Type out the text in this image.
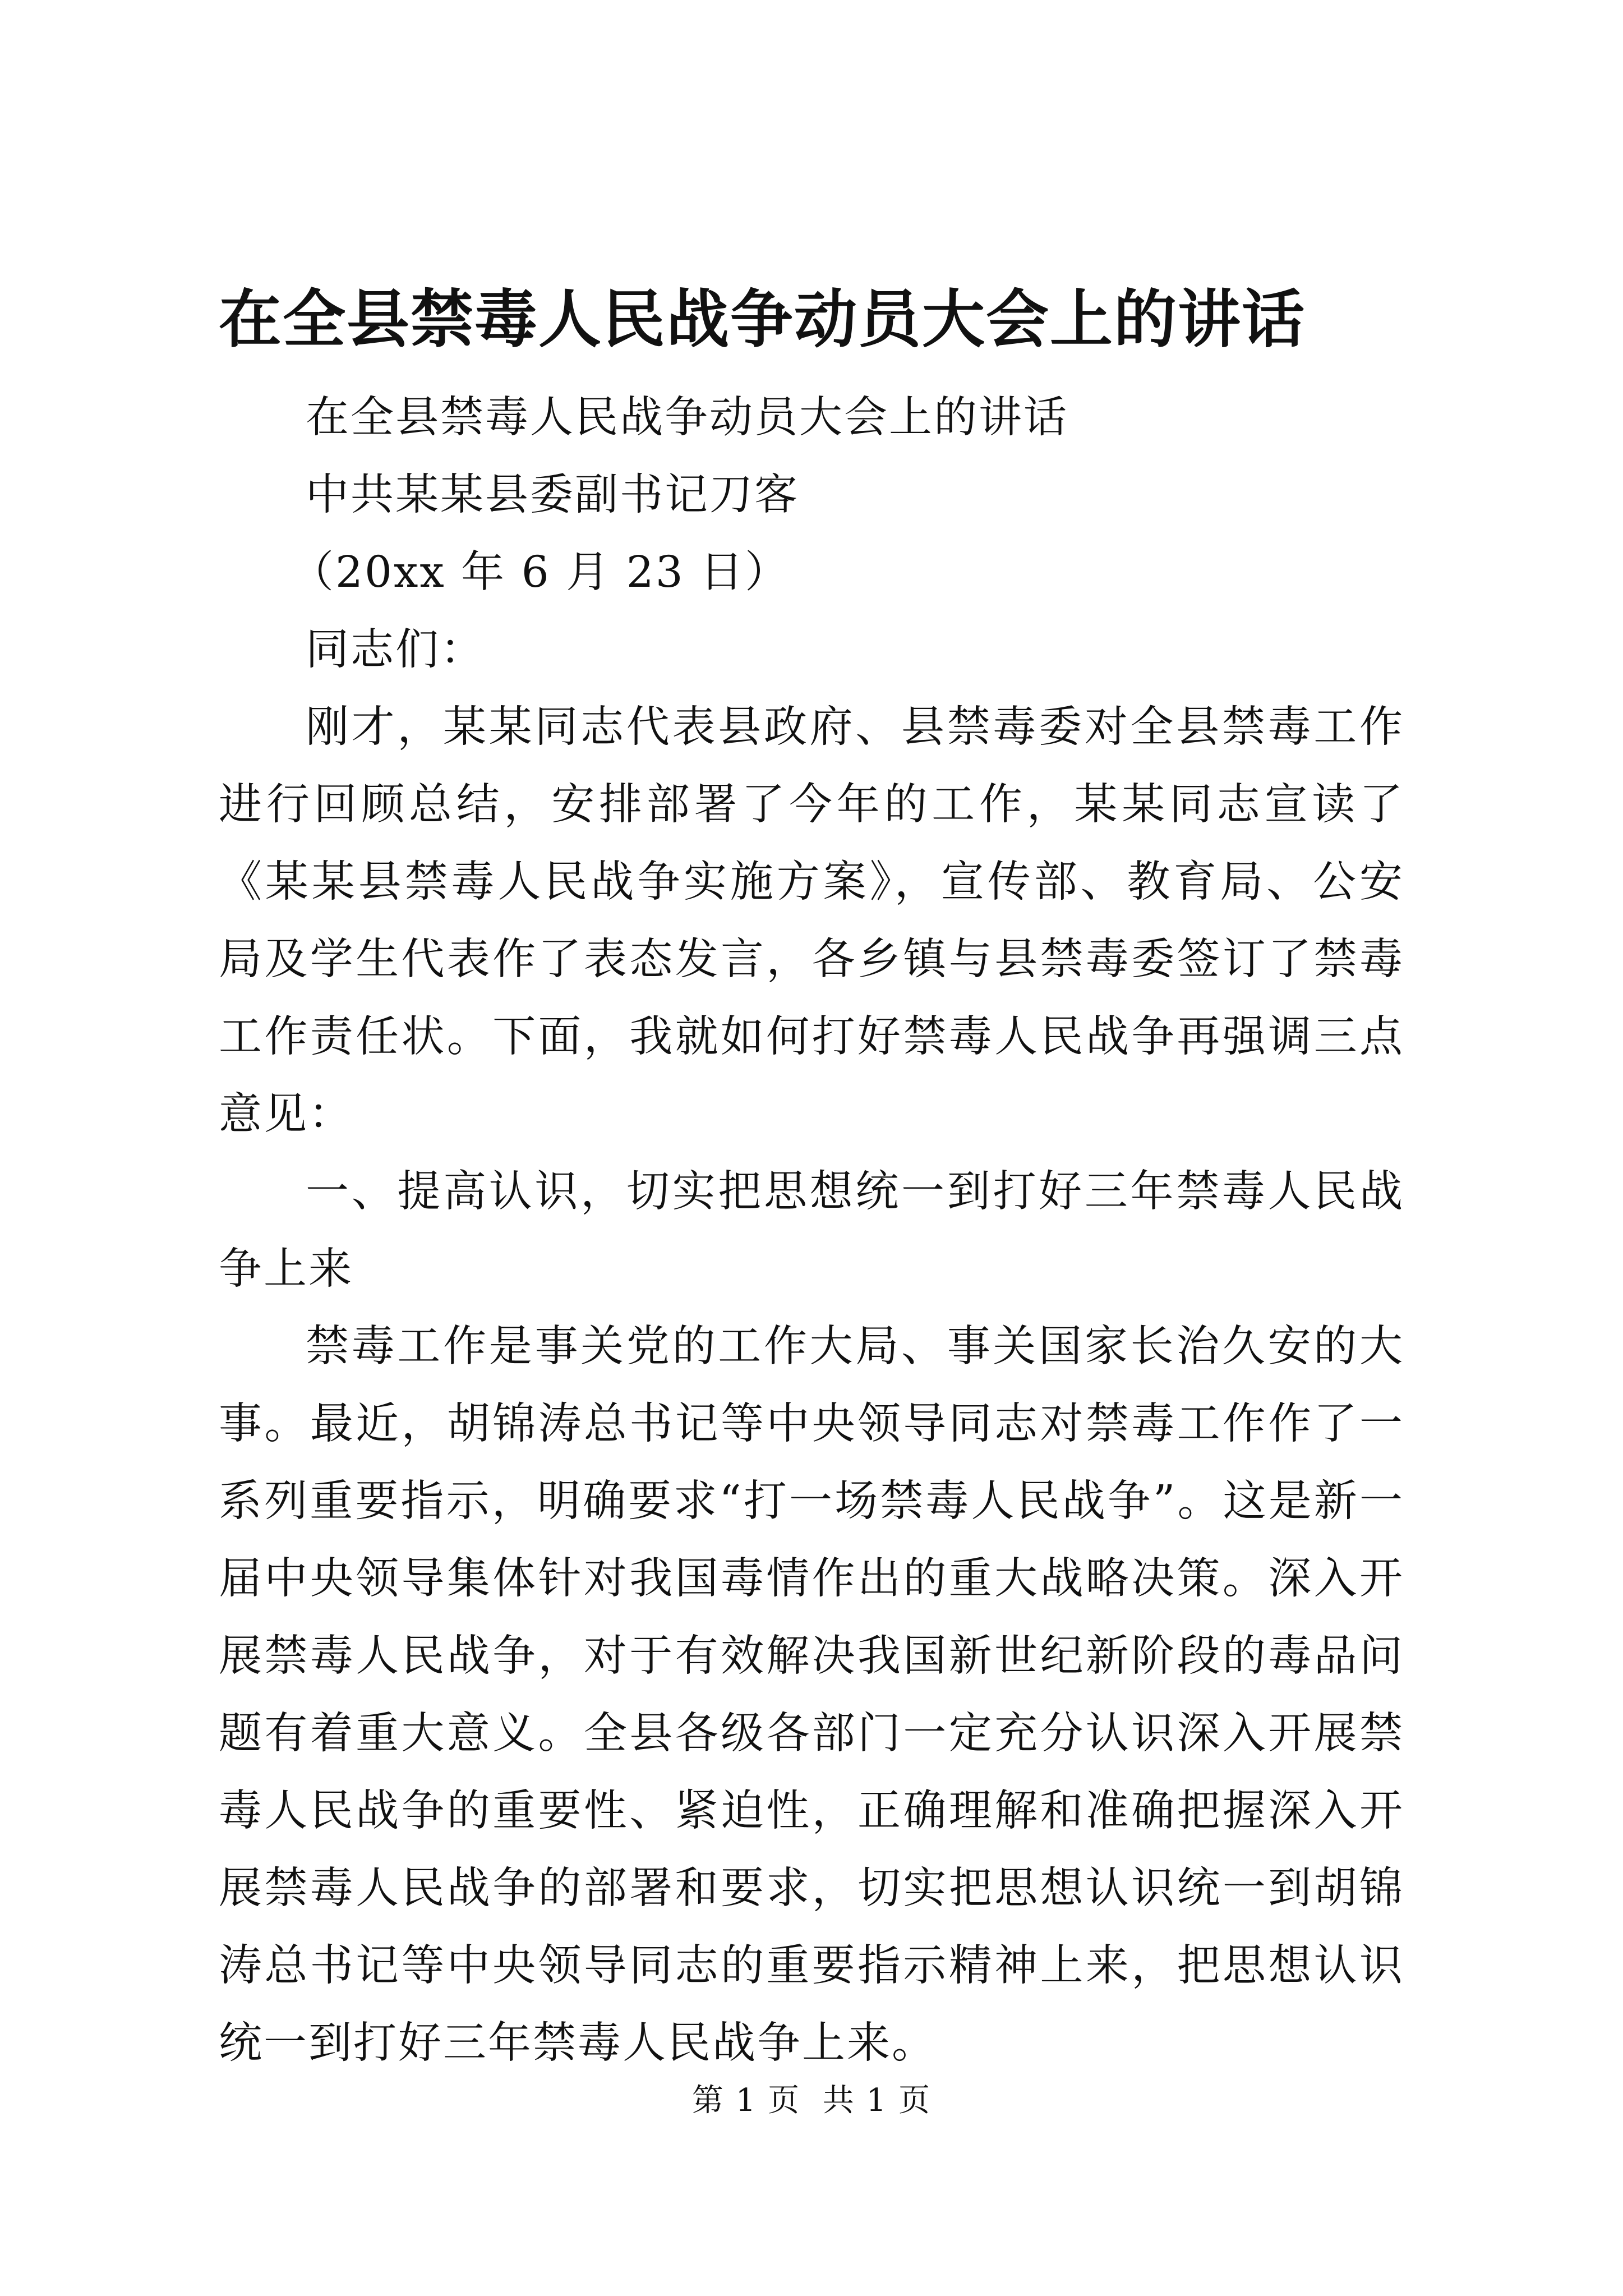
在全县禁毒人民战争动员大会上的讲话

在全县禁毒人民战争动员大会上的讲话

中共某某县委副书记刀客

（20xx 年 6 月 23 日）

同志们：

刚才，某某同志代表县政府、县禁毒委对全县禁毒工作进行回顾总结，安排部署了今年的工作，某某同志宣读了《某某县禁毒人民战争实施方案》，宣传部、教育局、公安局及学生代表作了表态发言，各乡镇与县禁毒委签订了禁毒工作责任状。下面，我就如何打好禁毒人民战争再强调三点意见：

一、提高认识，切实把思想统一到打好三年禁毒人民战争上来

禁毒工作是事关党的工作大局、事关国家长治久安的大事。最近，胡锦涛总书记等中央领导同志对禁毒工作作了一系列重要指示，明确要求“打一场禁毒人民战争”。这是新一届中央领导集体针对我国毒情作出的重大战略决策。深入开展禁毒人民战争，对于有效解决我国新世纪新阶段的毒品问题有着重大意义。全县各级各部门一定充分认识深入开展禁毒人民战争的重要性、紧迫性，正确理解和准确把握深入开展禁毒人民战争的部署和要求，切实把思想认识统一到胡锦涛总书记等中央领导同志的重要指示精神上来，把思想认识统一到打好三年禁毒人民战争上来。

第 1 页  共 1 页
